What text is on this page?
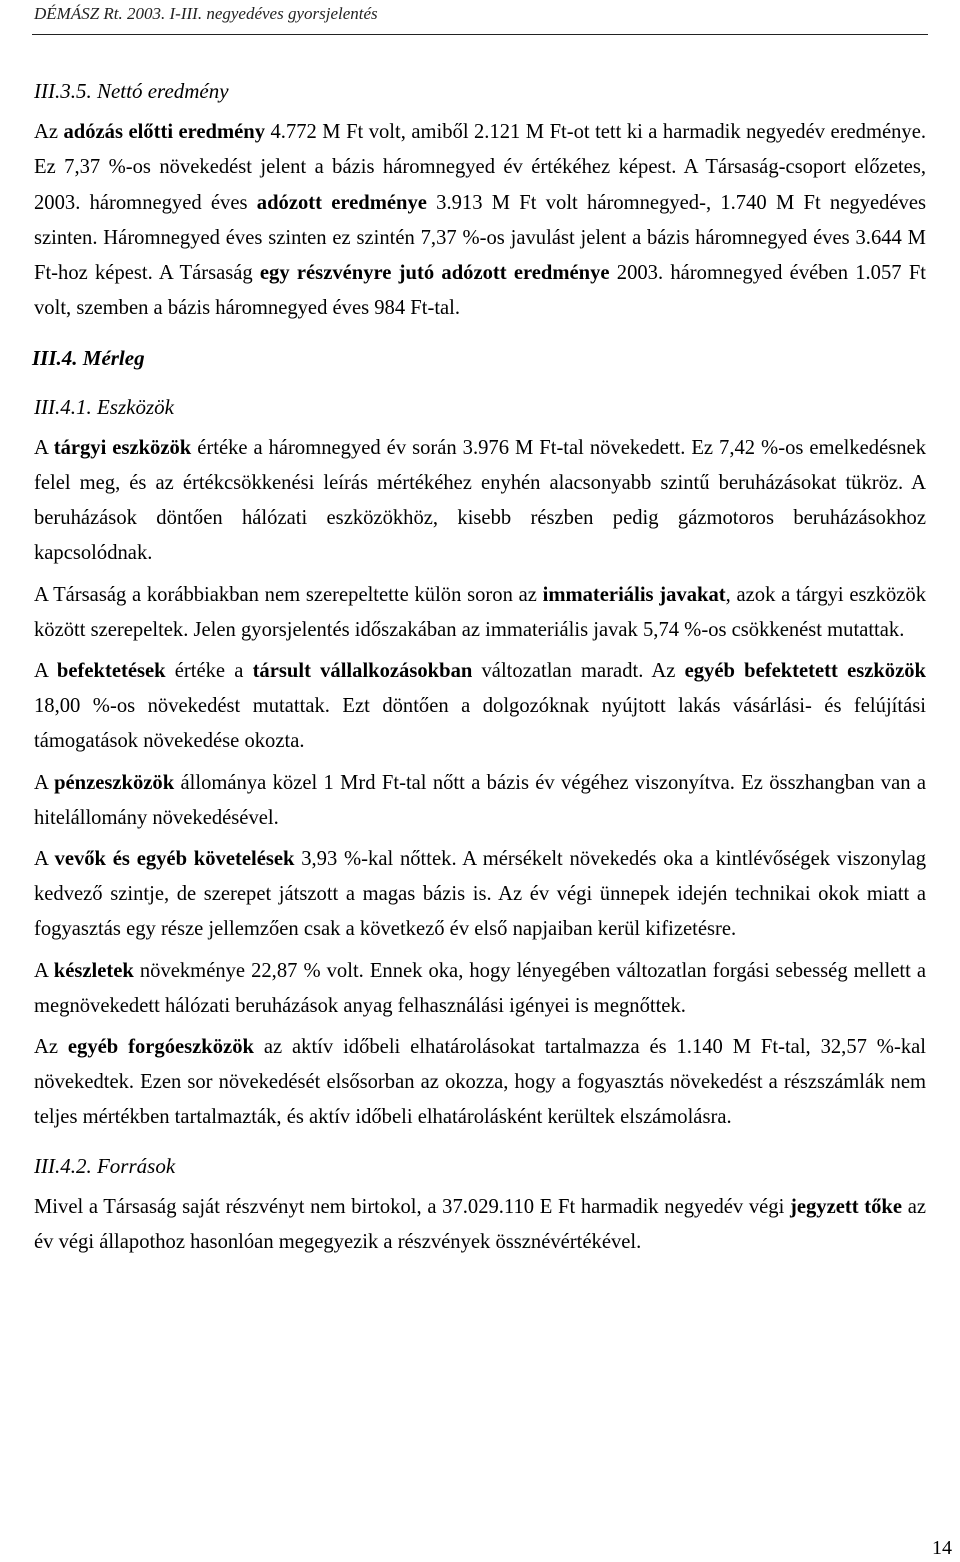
DÉMÁSZ Rt. 2003. I-III. negyedéves gyorsjelentés
III.3.5. Nettó eredmény

Az adózás előtti eredmény 4.772 M Ft volt, amiből 2.121 M Ft-ot tett ki a harmadik negyedév eredménye. Ez 7,37 %-os növekedést jelent a bázis háromnegyed év értékéhez képest. A Társaság-csoport előzetes, 2003. háromnegyed éves adózott eredménye 3.913 M Ft volt háromnegyed-, 1.740 M Ft negyedéves szinten. Háromnegyed éves szinten ez szintén 7,37 %-os javulást jelent a bázis háromnegyed éves 3.644 M Ft-hoz képest. A Társaság egy részvényre jutó adózott eredménye 2003. háromnegyed évében 1.057 Ft volt, szemben a bázis háromnegyed éves 984 Ft-tal.

III.4. Mérleg
III.4.1. Eszközök

A tárgyi eszközök értéke a háromnegyed év során 3.976 M Ft-tal növekedett. Ez 7,42 %-os emelkedésnek felel meg, és az értékcsökkenési leírás mértékéhez enyhén alacsonyabb szintű beruházásokat tükröz. A beruházások döntően hálózati eszközökhöz, kisebb részben pedig gázmotoros beruházásokhoz kapcsolódnak.

A Társaság a korábbiakban nem szerepeltette külön soron az immateriális javakat, azok a tárgyi eszközök között szerepeltek. Jelen gyorsjelentés időszakában az immateriális javak 5,74 %-os csökkenést mutattak.

A befektetések értéke a társult vállalkozásokban változatlan maradt. Az egyéb befektetett eszközök 18,00 %-os növekedést mutattak. Ezt döntően a dolgozóknak nyújtott lakás vásárlási- és felújítási támogatások növekedése okozta.

A pénzeszközök állománya közel 1 Mrd Ft-tal nőtt a bázis év végéhez viszonyítva. Ez összhangban van a hitelállomány növekedésével.

A vevők és egyéb követelések 3,93 %-kal nőttek. A mérsékelt növekedés oka a kintlévőségek viszonylag kedvező szintje, de szerepet játszott a magas bázis is. Az év végi ünnepek idején technikai okok miatt a fogyasztás egy része jellemzően csak a következő év első napjaiban kerül kifizetésre.

A készletek növekménye 22,87 % volt. Ennek oka, hogy lényegében változatlan forgási sebesség mellett a megnövekedett hálózati beruházások anyag felhasználási igényei is megnőttek.

Az egyéb forgóeszközök az aktív időbeli elhatárolásokat tartalmazza és 1.140 M Ft-tal, 32,57 %-kal növekedtek. Ezen sor növekedését elsősorban az okozza, hogy a fogyasztás növekedést a részszámlák nem teljes mértékben tartalmazták, és aktív időbeli elhatárolásként kerültek elszámolásra.

III.4.2. Források

Mivel a Társaság saját részvényt nem birtokol, a 37.029.110 E Ft harmadik negyedév végi jegyzett tőke az év végi állapothoz hasonlóan megegyezik a részvények össznévértékével.

14
